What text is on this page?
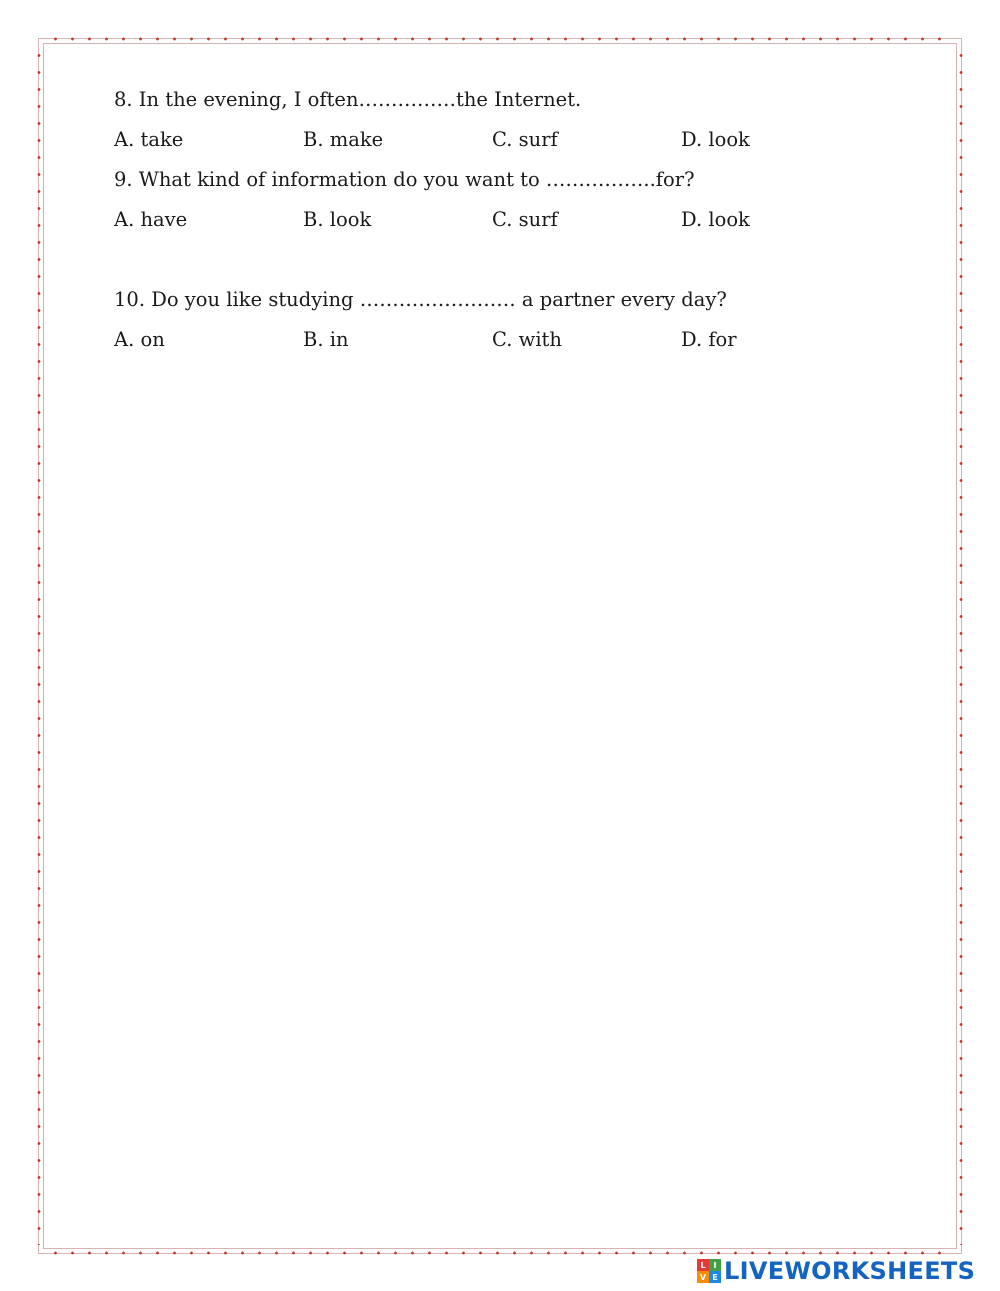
8. In the evening, I often……………the Internet.

A. take	B. make	C. surf	D. look

9. What kind of information do you want to ……………..for?

A. have	B. look	C. surf	D. look

10. Do you like studying …………………… a partner every day?

A. on	B. in	C. with	D. for
L I
V E LIVEWORKSHEETS
